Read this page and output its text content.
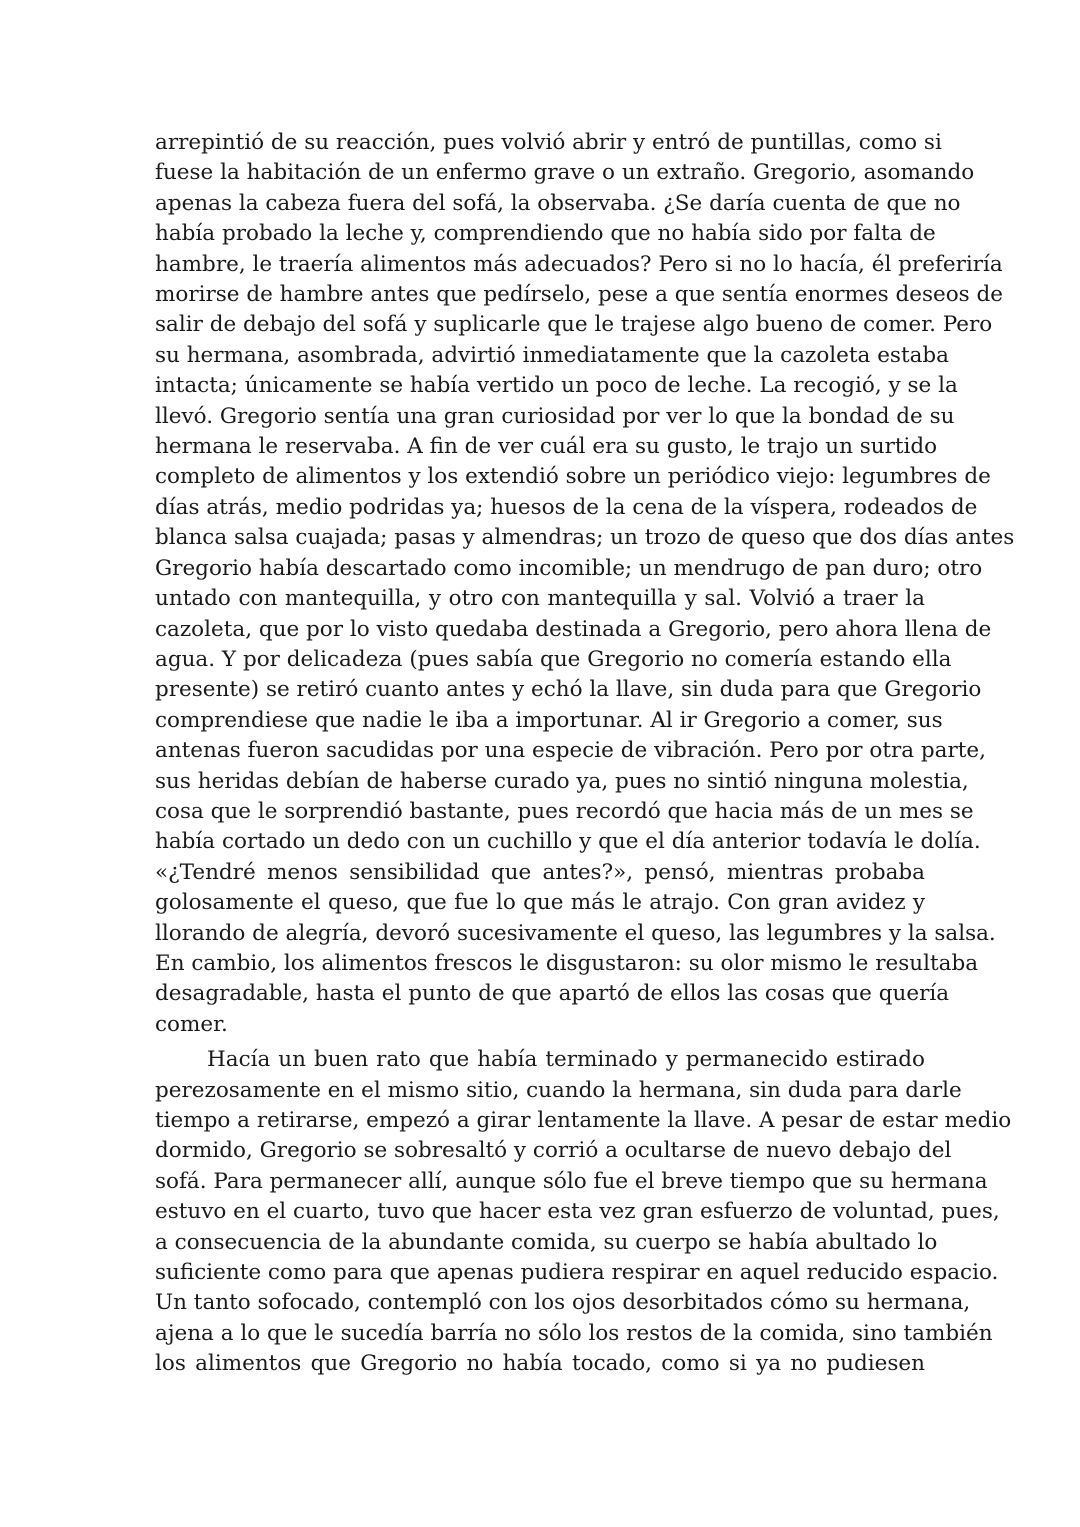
arrepintió de su reacción, pues volvió abrir y entró de puntillas, como si
fuese la habitación de un enfermo grave o un extraño. Gregorio, asomando
apenas la cabeza fuera del sofá, la observaba. ¿Se daría cuenta de que no
había probado la leche y, comprendiendo que no había sido por falta de
hambre, le traería alimentos más adecuados? Pero si no lo hacía, él preferiría
morirse de hambre antes que pedírselo, pese a que sentía enormes deseos de
salir de debajo del sofá y suplicarle que le trajese algo bueno de comer. Pero
su hermana, asombrada, advirtió inmediatamente que la cazoleta estaba
intacta; únicamente se había vertido un poco de leche. La recogió, y se la
llevó. Gregorio sentía una gran curiosidad por ver lo que la bondad de su
hermana le reservaba. A fin de ver cuál era su gusto, le trajo un surtido
completo de alimentos y los extendió sobre un periódico viejo: legumbres de
días atrás, medio podridas ya; huesos de la cena de la víspera, rodeados de
blanca salsa cuajada; pasas y almendras; un trozo de queso que dos días antes
Gregorio había descartado como incomible; un mendrugo de pan duro; otro
untado con mantequilla, y otro con mantequilla y sal. Volvió a traer la
cazoleta, que por lo visto quedaba destinada a Gregorio, pero ahora llena de
agua. Y por delicadeza (pues sabía que Gregorio no comería estando ella
presente) se retiró cuanto antes y echó la llave, sin duda para que Gregorio
comprendiese que nadie le iba a importunar. Al ir Gregorio a comer, sus
antenas fueron sacudidas por una especie de vibración. Pero por otra parte,
sus heridas debían de haberse curado ya, pues no sintió ninguna molestia,
cosa que le sorprendió bastante, pues recordó que hacia más de un mes se
había cortado un dedo con un cuchillo y que el día anterior todavía le dolía.
«¿Tendré menos sensibilidad que antes?», pensó, mientras probaba
golosamente el queso, que fue lo que más le atrajo. Con gran avidez y
llorando de alegría, devoró sucesivamente el queso, las legumbres y la salsa.
En cambio, los alimentos frescos le disgustaron: su olor mismo le resultaba
desagradable, hasta el punto de que apartó de ellos las cosas que quería
comer.
Hacía un buen rato que había terminado y permanecido estirado
perezosamente en el mismo sitio, cuando la hermana, sin duda para darle
tiempo a retirarse, empezó a girar lentamente la llave. A pesar de estar medio
dormido, Gregorio se sobresaltó y corrió a ocultarse de nuevo debajo del
sofá. Para permanecer allí, aunque sólo fue el breve tiempo que su hermana
estuvo en el cuarto, tuvo que hacer esta vez gran esfuerzo de voluntad, pues,
a consecuencia de la abundante comida, su cuerpo se había abultado lo
suficiente como para que apenas pudiera respirar en aquel reducido espacio.
Un tanto sofocado, contempló con los ojos desorbitados cómo su hermana,
ajena a lo que le sucedía barría no sólo los restos de la comida, sino también
los alimentos que Gregorio no había tocado, como si ya no pudiesen
